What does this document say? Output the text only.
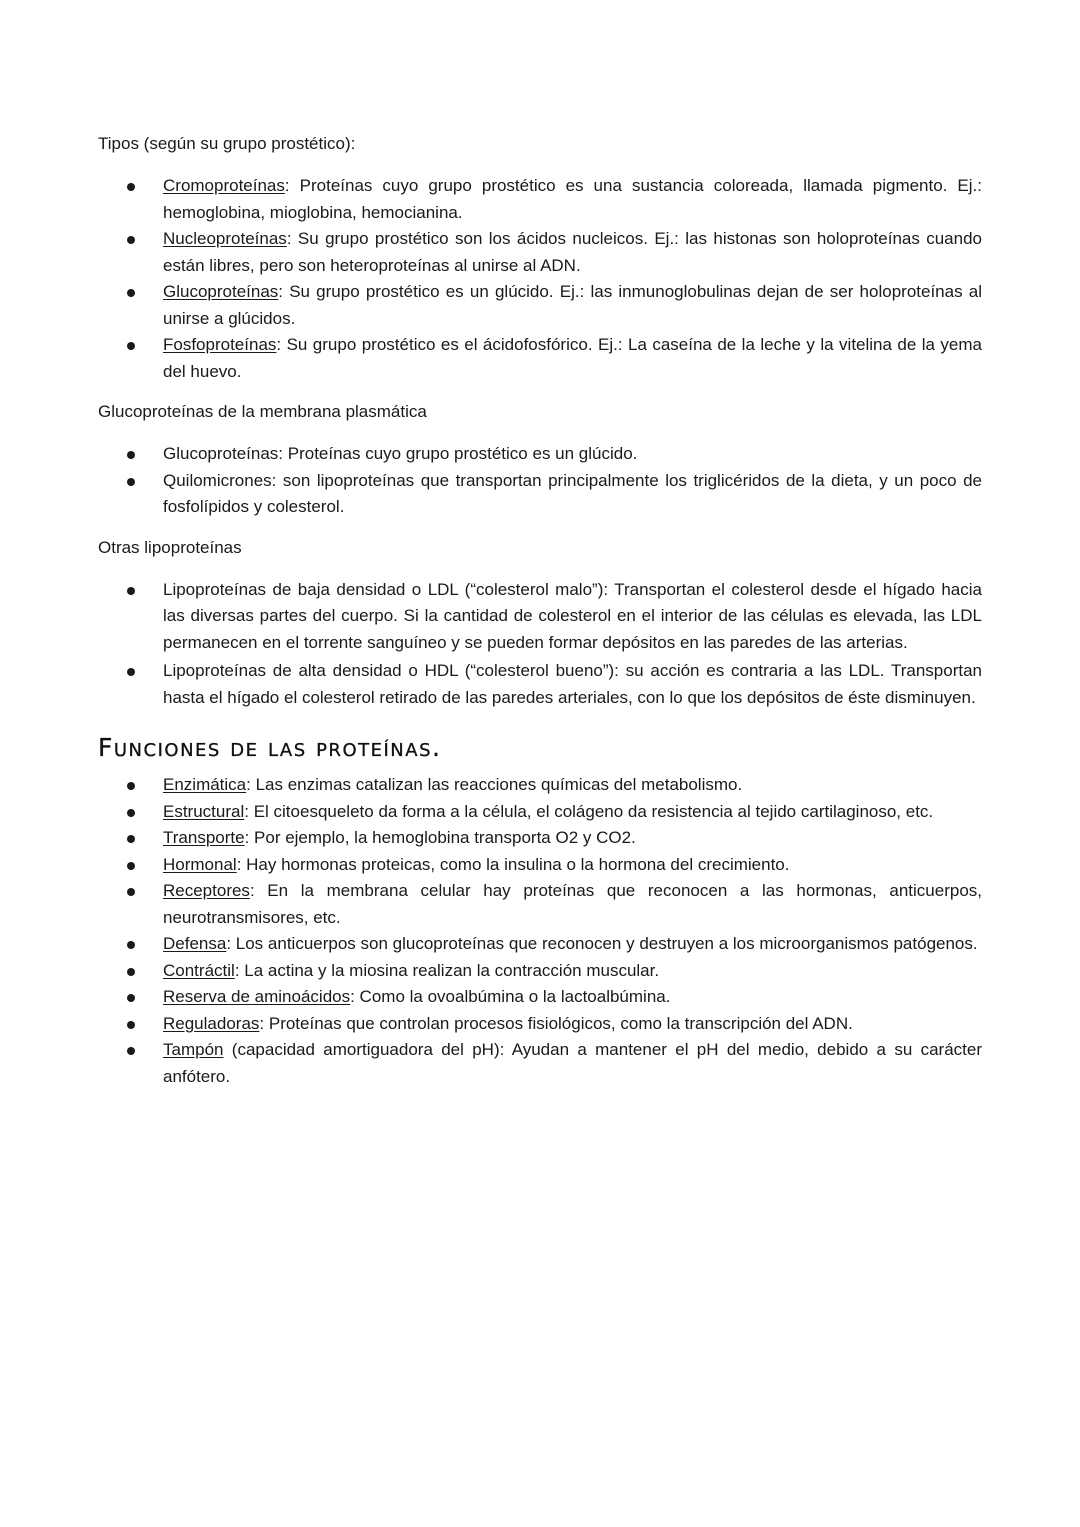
Tipos (según su grupo prostético):

Cromoproteínas: Proteínas cuyo grupo prostético es una sustancia coloreada, llamada pigmento. Ej.: hemoglobina, mioglobina, hemocianina.
Nucleoproteínas: Su grupo prostético son los ácidos nucleicos. Ej.: las histonas son holoproteínas cuando están libres, pero son heteroproteínas al unirse al ADN.
Glucoproteínas: Su grupo prostético es un glúcido. Ej.: las inmunoglobulinas dejan de ser holoproteínas al unirse a glúcidos.
Fosfoproteínas: Su grupo prostético es el ácidofosfórico. Ej.: La caseína de la leche y la vitelina de la yema del huevo.

Glucoproteínas de la membrana plasmática

Glucoproteínas: Proteínas cuyo grupo prostético es un glúcido.
Quilomicrones: son lipoproteínas que transportan principalmente los triglicéridos de la dieta, y un poco de fosfolípidos y colesterol.

Otras lipoproteínas

Lipoproteínas de baja densidad o LDL (“colesterol malo”): Transportan el colesterol desde el hígado hacia las diversas partes del cuerpo. Si la cantidad de colesterol en el interior de las células es elevada, las LDL permanecen en el torrente sanguíneo y se pueden formar depósitos en las paredes de las arterias.
Lipoproteínas de alta densidad o HDL (“colesterol bueno”): su acción es contraria a las LDL. Transportan hasta el hígado el colesterol retirado de las paredes arteriales, con lo que los depósitos de éste disminuyen.
Funciones de las proteínas.
Enzimática: Las enzimas catalizan las reacciones químicas del metabolismo.
Estructural: El citoesqueleto da forma a la célula, el colágeno da resistencia al tejido cartilaginoso, etc.
Transporte: Por ejemplo, la hemoglobina transporta O2 y CO2.
Hormonal: Hay hormonas proteicas, como la insulina o la hormona del crecimiento.
Receptores: En la membrana celular hay proteínas que reconocen a las hormonas, anticuerpos, neurotransmisores, etc.
Defensa: Los anticuerpos son glucoproteínas que reconocen y destruyen a los microorganismos patógenos.
Contráctil: La actina y la miosina realizan la contracción muscular.
Reserva de aminoácidos: Como la ovoalbúmina o la lactoalbúmina.
Reguladoras: Proteínas que controlan procesos fisiológicos, como la transcripción del ADN.
Tampón (capacidad amortiguadora del pH): Ayudan a mantener el pH del medio, debido a su carácter anfótero.
